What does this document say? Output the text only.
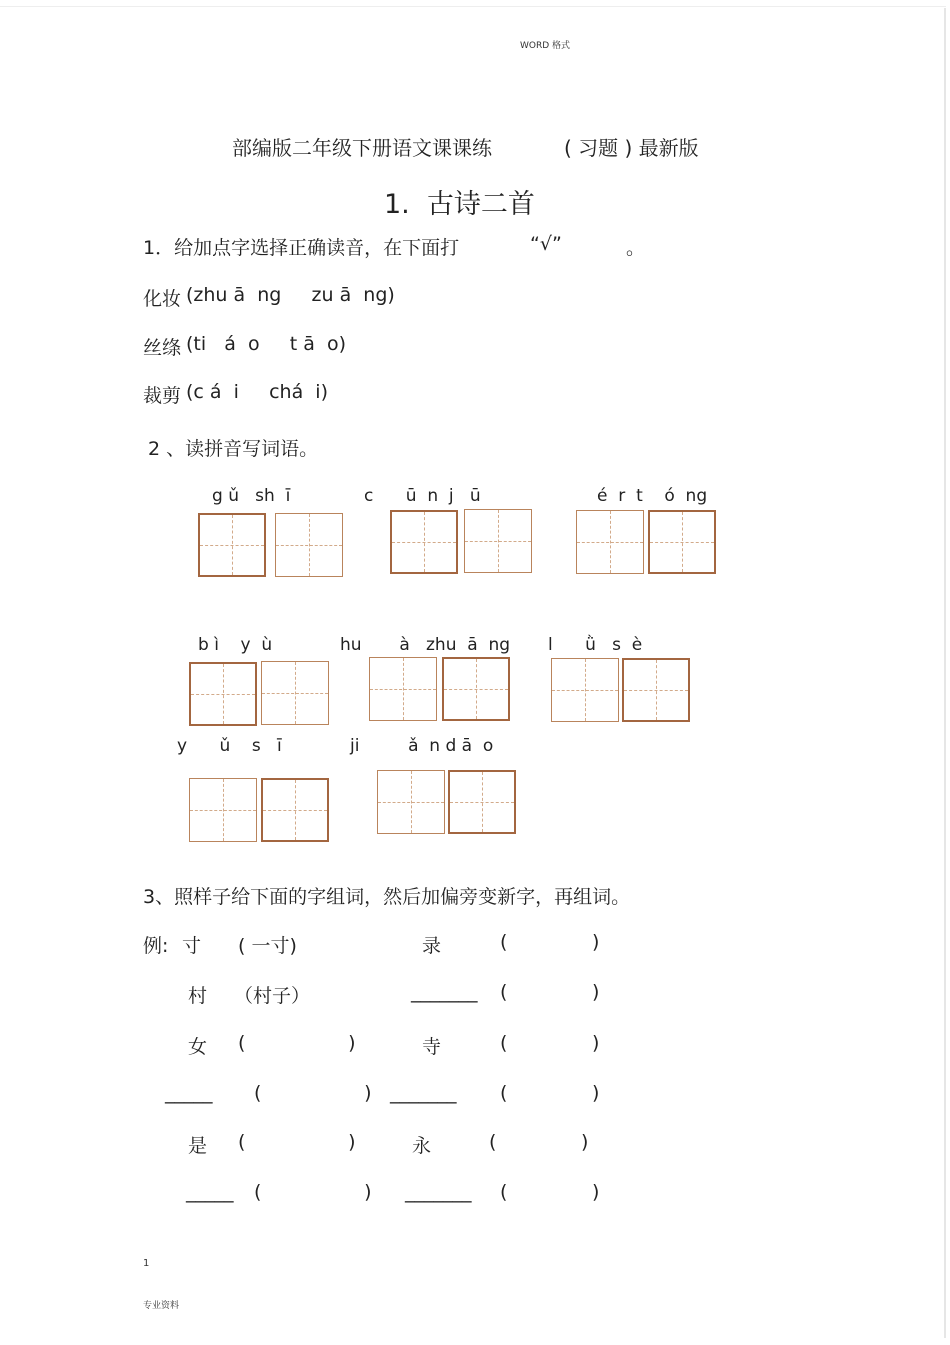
WORD 格式
部编版二年级下册语文课课练	( 习题 ) 最新版
1.  古诗二首
1．给加点字选择正确读音，在下面打	“√”	。
化妆 (zhu ā  ng     zu ā  ng)
丝绦 (ti   á  o     t ā  o)
裁剪 (c á  i     chá  i)
2 、读拼音写词语。
g ǔ   sh  ī	c      ū  n  j   ū	é  r  t    ó  ng
b ì    y  ù	hu       à   zhu  ā  ng l      ǜ   s  è
y      ǔ    s   ī	ji         ǎ  n d ā  o
3、照样子给下面的字组词，然后加偏旁变新字，再组词。
例: 寸 ( 一寸)	录	(              )
村 （村子）	_______ (              )
女 (                 )	寺	(              )
_____ (                 ) _______ (              )
是 (                 )	永	(              )
_____ (                 ) _______ (              )
1
专业资料
